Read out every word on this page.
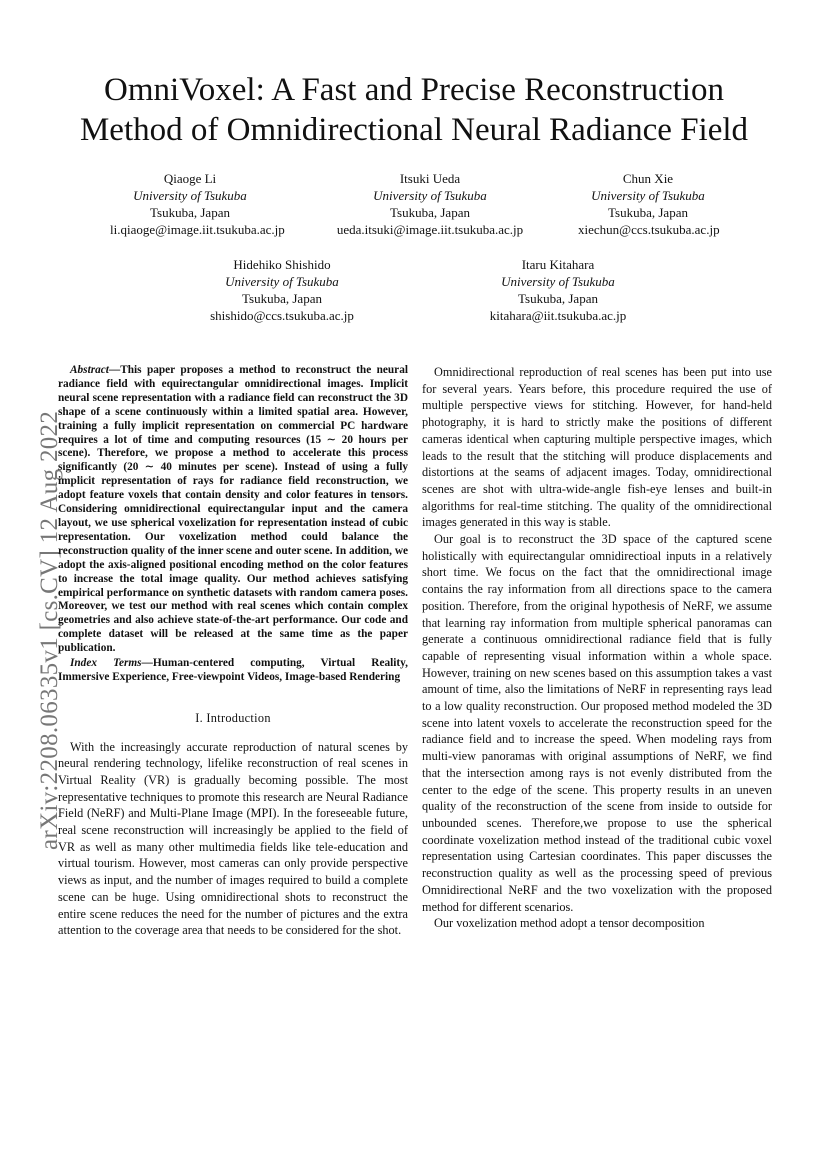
OmniVoxel: A Fast and Precise Reconstruction
Method of Omnidirectional Neural Radiance Field
Qiaoge Li
University of Tsukuba
Tsukuba, Japan
li.qiaoge@image.iit.tsukuba.ac.jp
Itsuki Ueda
University of Tsukuba
Tsukuba, Japan
ueda.itsuki@image.iit.tsukuba.ac.jp
Chun Xie
University of Tsukuba
Tsukuba, Japan
xiechun@ccs.tsukuba.ac.jp
Hidehiko Shishido
University of Tsukuba
Tsukuba, Japan
shishido@ccs.tsukuba.ac.jp
Itaru Kitahara
University of Tsukuba
Tsukuba, Japan
kitahara@iit.tsukuba.ac.jp
arXiv:2208.06335v1 [cs.CV] 12 Aug 2022

Abstract—This paper proposes a method to reconstruct the neural radiance field with equirectangular omnidirectional images. Implicit neural scene representation with a radiance field can reconstruct the 3D shape of a scene continuously within a limited spatial area. However, training a fully implicit representation on commercial PC hardware requires a lot of time and computing resources (15 ∼ 20 hours per scene). Therefore, we propose a method to accelerate this process significantly (20 ∼ 40 minutes per scene). Instead of using a fully implicit representation of rays for radiance field reconstruction, we adopt feature voxels that contain density and color features in tensors. Considering omnidirectional equirectangular input and the camera layout, we use spherical voxelization for representation instead of cubic representation. Our voxelization method could balance the reconstruction quality of the inner scene and outer scene. In addition, we adopt the axis-aligned positional encoding method on the color features to increase the total image quality. Our method achieves satisfying empirical performance on synthetic datasets with random camera poses. Moreover, we test our method with real scenes which contain complex geometries and also achieve state-of-the-art performance. Our code and complete dataset will be released at the same time as the paper publication.

Index Terms—Human-centered computing, Virtual Reality, Immersive Experience, Free-viewpoint Videos, Image-based Rendering

I. Introduction

With the increasingly accurate reproduction of natural scenes by neural rendering technology, lifelike reconstruction of real scenes in Virtual Reality (VR) is gradually becoming possible. The most representative techniques to promote this research are Neural Radiance Field (NeRF) and Multi-Plane Image (MPI). In the foreseeable future, real scene reconstruction will increasingly be applied to the field of VR as well as many other multimedia fields like tele-education and virtual tourism. However, most cameras can only provide perspective views as input, and the number of images required to build a complete scene can be huge. Using omnidirectional shots to reconstruct the entire scene reduces the need for the number of pictures and the extra attention to the coverage area that needs to be considered for the shot.

Omnidirectional reproduction of real scenes has been put into use for several years. Years before, this procedure required the use of multiple perspective views for stitching. However, for hand-held photography, it is hard to strictly make the positions of different cameras identical when capturing multiple perspective images, which leads to the result that the stitching will produce displacements and distortions at the seams of adjacent images. Today, omnidirectional scenes are shot with ultra-wide-angle fish-eye lenses and built-in algorithms for real-time stitching. The quality of the omnidirectional images generated in this way is stable.

Our goal is to reconstruct the 3D space of the captured scene holistically with equirectangular omnidirectioal inputs in a relatively short time. We focus on the fact that the omnidirectional image contains the ray information from all directions space to the camera position. Therefore, from the original hypothesis of NeRF, we assume that learning ray information from multiple spherical panoramas can generate a continuous omnidirectional radiance field that is fully capable of representing visual information within a whole space. However, training on new scenes based on this assumption takes a vast amount of time, also the limitations of NeRF in representing rays lead to a low quality reconstruction. Our proposed method modeled the 3D scene into latent voxels to accelerate the reconstruction speed for the radiance field and to increase the speed. When modeling rays from multi-view panoramas with original assumptions of NeRF, we find that the intersection among rays is not evenly distributed from the center to the edge of the scene. This property results in an uneven quality of the reconstruction of the scene from inside to outside for unbounded scenes. Therefore,we propose to use the spherical coordinate voxelization method instead of the traditional cubic voxel representation using Cartesian coordinates. This paper discusses the reconstruction quality as well as the processing speed of previous Omnidirectional NeRF and the two voxelization with the proposed method for different scenarios.

Our voxelization method adopt a tensor decomposition
